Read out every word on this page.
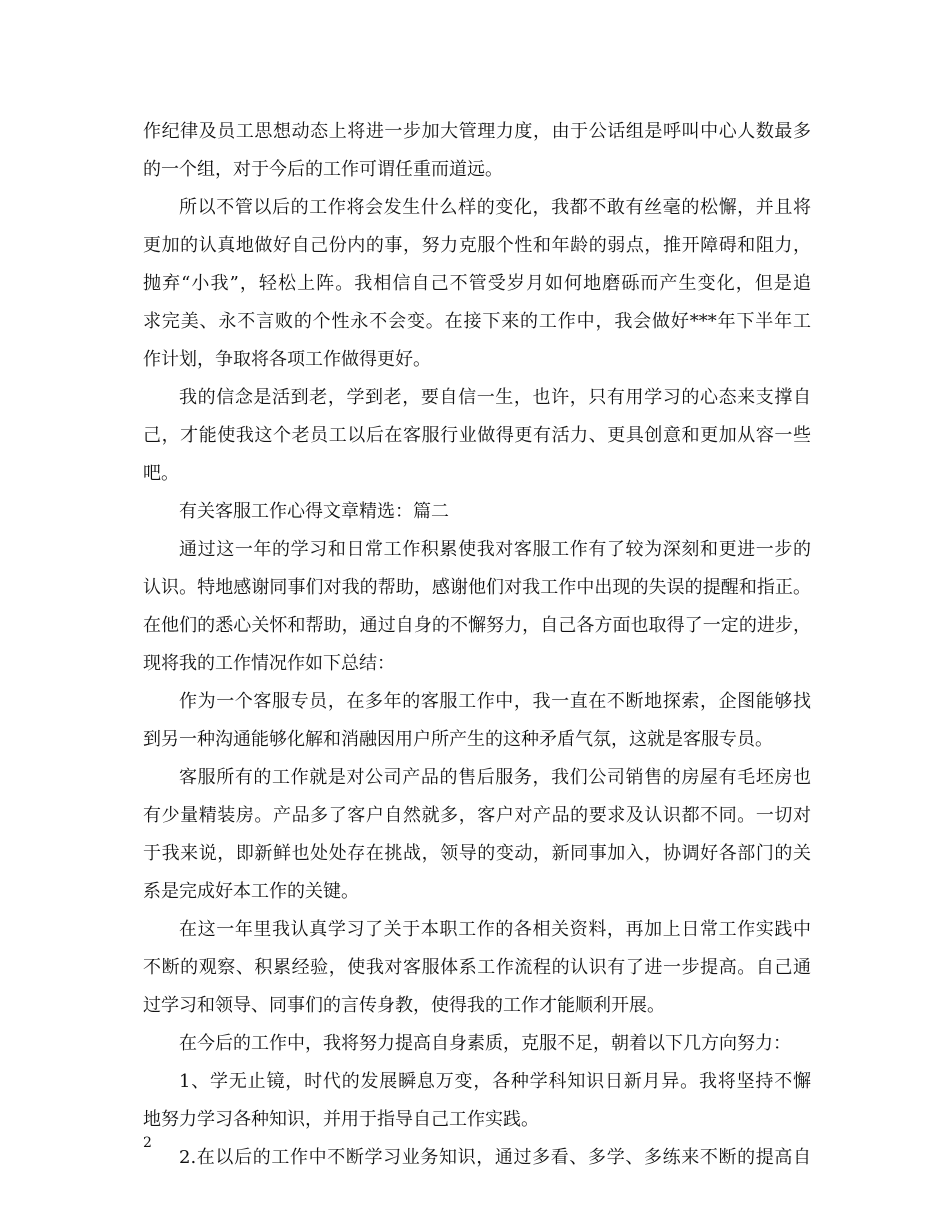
作纪律及员工思想动态上将进一步加大管理力度，由于公话组是呼叫中心人数最多
的一个组，对于今后的工作可谓任重而道远。
所以不管以后的工作将会发生什么样的变化，我都不敢有丝毫的松懈，并且将
更加的认真地做好自己份内的事，努力克服个性和年龄的弱点，推开障碍和阻力，
抛弃“小我”，轻松上阵。我相信自己不管受岁月如何地磨砾而产生变化，但是追
求完美、永不言败的个性永不会变。在接下来的工作中，我会做好***年下半年工
作计划，争取将各项工作做得更好。
我的信念是活到老，学到老，要自信一生，也许，只有用学习的心态来支撑自
己，才能使我这个老员工以后在客服行业做得更有活力、更具创意和更加从容一些
吧。
有关客服工作心得文章精选：篇二
通过这一年的学习和日常工作积累使我对客服工作有了较为深刻和更进一步的
认识。特地感谢同事们对我的帮助，感谢他们对我工作中出现的失误的提醒和指正。
在他们的悉心关怀和帮助，通过自身的不懈努力，自己各方面也取得了一定的进步，
现将我的工作情况作如下总结：
作为一个客服专员，在多年的客服工作中，我一直在不断地探索，企图能够找
到另一种沟通能够化解和消融因用户所产生的这种矛盾气氛，这就是客服专员。
客服所有的工作就是对公司产品的售后服务，我们公司销售的房屋有毛坯房也
有少量精装房。产品多了客户自然就多，客户对产品的要求及认识都不同。一切对
于我来说，即新鲜也处处存在挑战，领导的变动，新同事加入，协调好各部门的关
系是完成好本工作的关键。
在这一年里我认真学习了关于本职工作的各相关资料，再加上日常工作实践中
不断的观察、积累经验，使我对客服体系工作流程的认识有了进一步提高。自己通
过学习和领导、同事们的言传身教，使得我的工作才能顺利开展。
在今后的工作中，我将努力提高自身素质，克服不足，朝着以下几方向努力：
1、学无止镜，时代的发展瞬息万变，各种学科知识日新月异。我将坚持不懈
地努力学习各种知识，并用于指导自己工作实践。
2.在以后的工作中不断学习业务知识，通过多看、多学、多练来不断的提高自
2
